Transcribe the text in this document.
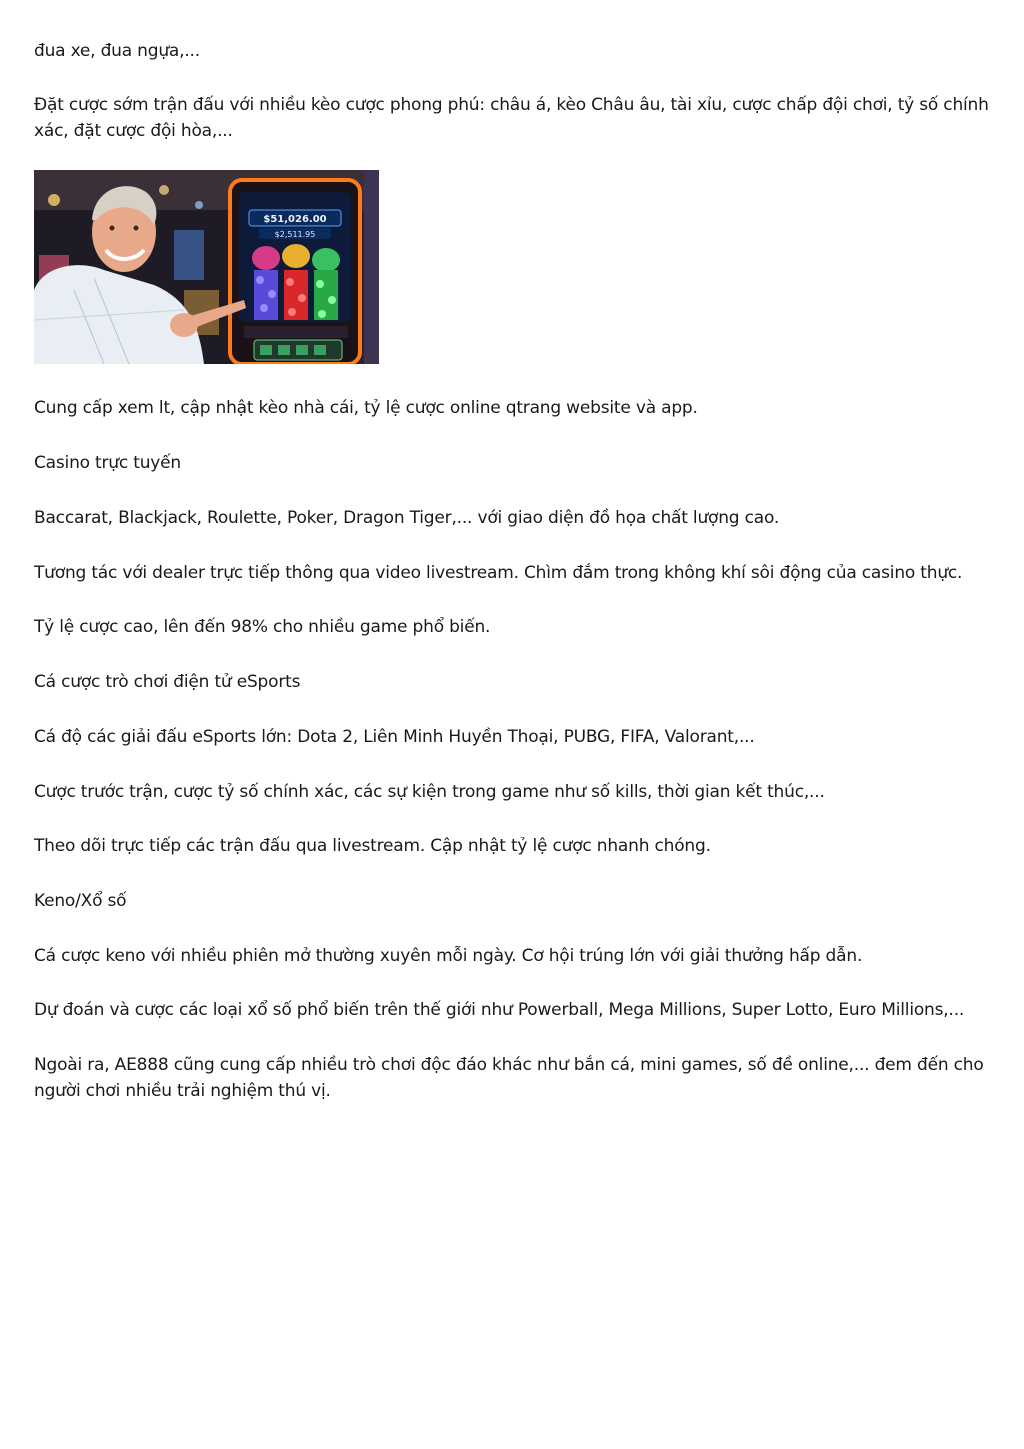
đua xe, đua ngựa,...

Đặt cược sớm trận đấu với nhiều kèo cược phong phú: châu á, kèo Châu âu, tài xỉu, cược chấp đội chơi, tỷ số chính xác, đặt cược đội hòa,...

$51,026.00
$2,511.95

Cung cấp xem lt, cập nhật kèo nhà cái, tỷ lệ cược online qtrang website và app.

Casino trực tuyến

Baccarat, Blackjack, Roulette, Poker, Dragon Tiger,... với giao diện đồ họa chất lượng cao.

Tương tác với dealer trực tiếp thông qua video livestream. Chìm đắm trong không khí sôi động của casino thực.

Tỷ lệ cược cao, lên đến 98% cho nhiều game phổ biến.

Cá cược trò chơi điện tử eSports

Cá độ các giải đấu eSports lớn: Dota 2, Liên Minh Huyền Thoại, PUBG, FIFA, Valorant,...

Cược trước trận, cược tỷ số chính xác, các sự kiện trong game như số kills, thời gian kết thúc,...

Theo dõi trực tiếp các trận đấu qua livestream. Cập nhật tỷ lệ cược nhanh chóng.

Keno/Xổ số

Cá cược keno với nhiều phiên mở thường xuyên mỗi ngày. Cơ hội trúng lớn với giải thưởng hấp dẫn.

Dự đoán và cược các loại xổ số phổ biến trên thế giới như Powerball, Mega Millions, Super Lotto, Euro Millions,...

Ngoài ra, AE888 cũng cung cấp nhiều trò chơi độc đáo khác như bắn cá, mini games, số đề online,... đem đến cho người chơi nhiều trải nghiệm thú vị.
